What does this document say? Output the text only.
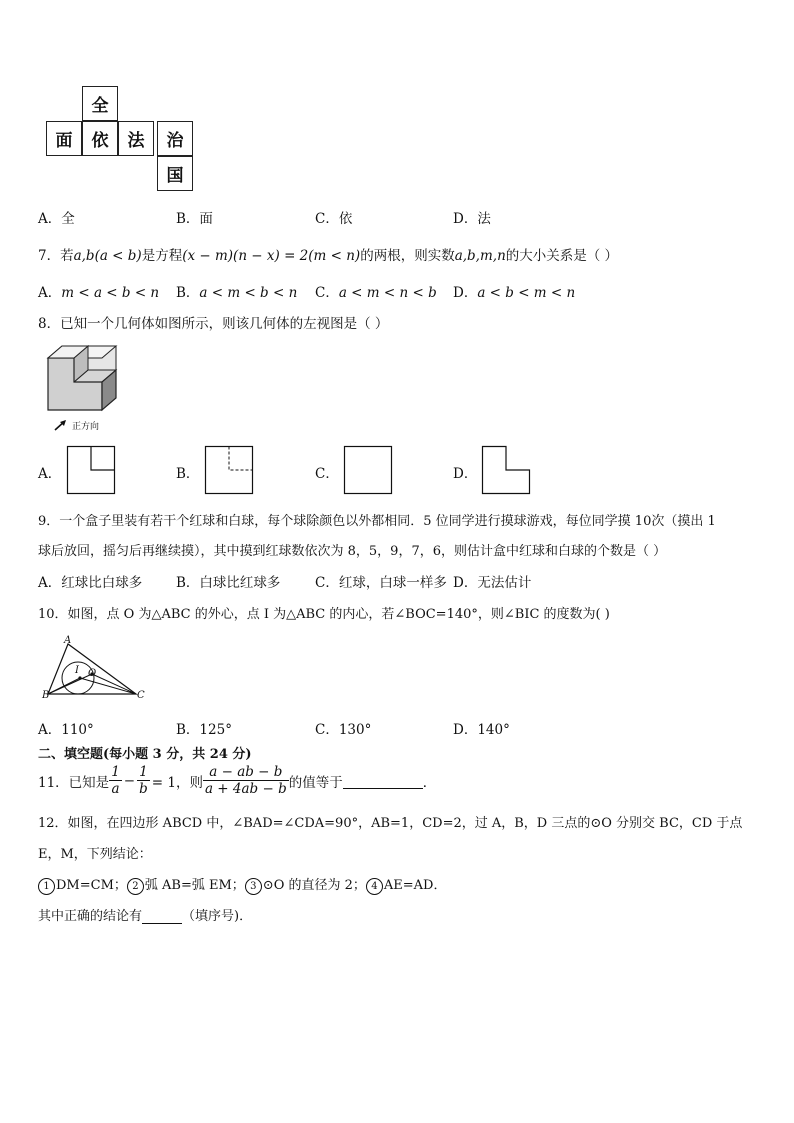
全
面	依	法	治
国
A．全	B．面	C．依	D．法
7．若a,b(a < b)是方程(x − m)(n − x) = 2(m < n)的两根，则实数a,b,m,n的大小关系是（ ）
A．m < a < b < n B．a < m < b < n C．a < m < n < b D．a < b < m < n
8．已知一个几何体如图所示，则该几何体的左视图是（ ）
正方向
A．	B．	C．	D．
9．一个盒子里装有若干个红球和白球，每个球除颜色以外都相同．5 位同学进行摸球游戏，每位同学摸 10次（摸出 1
球后放回，摇匀后再继续摸），其中摸到红球数依次为 8，5，9，7，6，则估计盒中红球和白球的个数是（ ）
A．红球比白球多	B．白球比红球多	C．红球，白球一样多 D．无法估计
10．如图，点 O 为△ABC 的外心，点 I 为△ABC 的内心，若∠BOC=140°，则∠BIC 的度数为( )
A
B	C
I O
A．110°	B．125°	C．130°	D．140°
二、填空题(每小题 3 分，共 24 分)
11．已知是 $\frac{1}{a} - \frac{1}{b} = 1$，则 $\frac{a - ab - b}{a + 4ab - b}$ 的值等于	．
12．如图，在四边形 ABCD 中，∠BAD=∠CDA=90°，AB=1，CD=2，过 A，B，D 三点的⊙O 分别交 BC，CD 于点
E，M，下列结论：
1 DM=CM； 2 弧 AB=弧 EM； 3 ⊙O 的直径为 2； 4 AE=AD．
其中正确的结论有	（填序号)．
